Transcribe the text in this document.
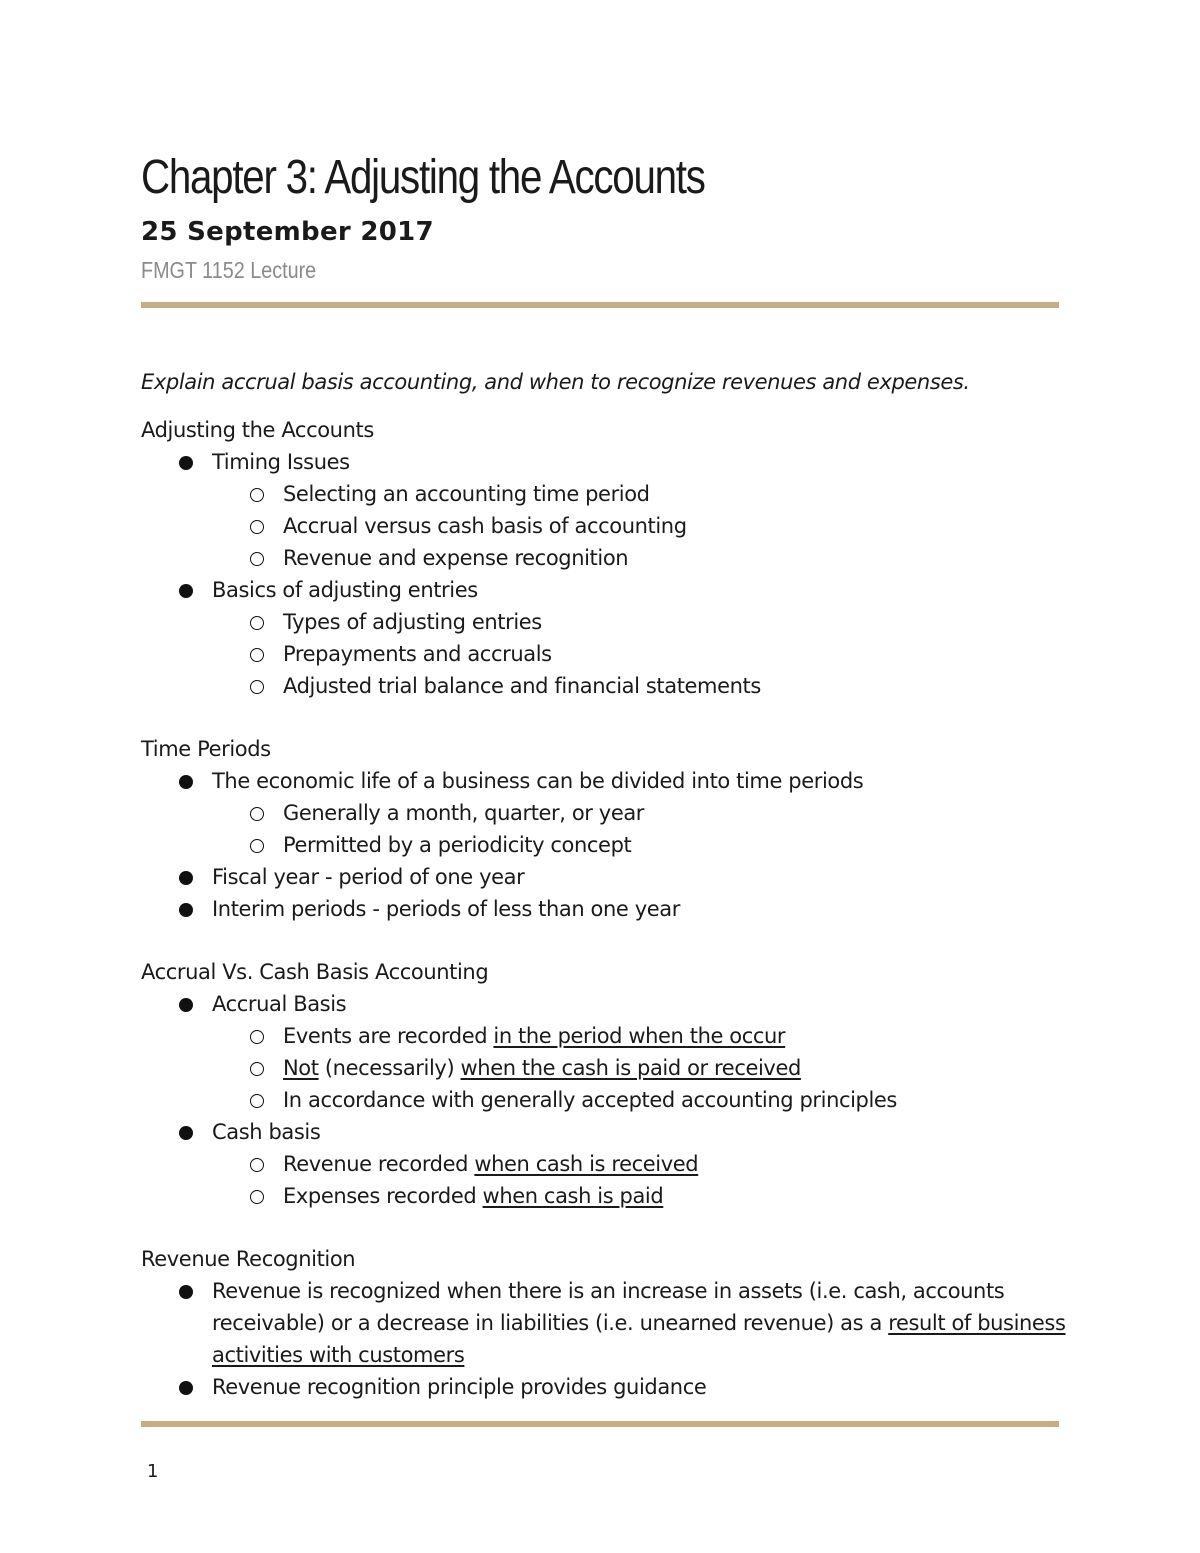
Chapter 3: Adjusting the Accounts
25 September 2017
FMGT 1152 Lecture

Explain accrual basis accounting, and when to recognize revenues and expenses.

Adjusting the Accounts

Timing Issues
Selecting an accounting time period
Accrual versus cash basis of accounting
Revenue and expense recognition
Basics of adjusting entries
Types of adjusting entries
Prepayments and accruals
Adjusted trial balance and financial statements

Time Periods

The economic life of a business can be divided into time periods
Generally a month, quarter, or year
Permitted by a periodicity concept
Fiscal year - period of one year
Interim periods - periods of less than one year

Accrual Vs. Cash Basis Accounting

Accrual Basis
Events are recorded in the period when the occur
Not (necessarily) when the cash is paid or received
In accordance with generally accepted accounting principles
Cash basis
Revenue recorded when cash is received
Expenses recorded when cash is paid

Revenue Recognition

Revenue is recognized when there is an increase in assets (i.e. cash, accounts receivable) or a decrease in liabilities (i.e. unearned revenue) as a result of business activities with customers
Revenue recognition principle provides guidance
1
